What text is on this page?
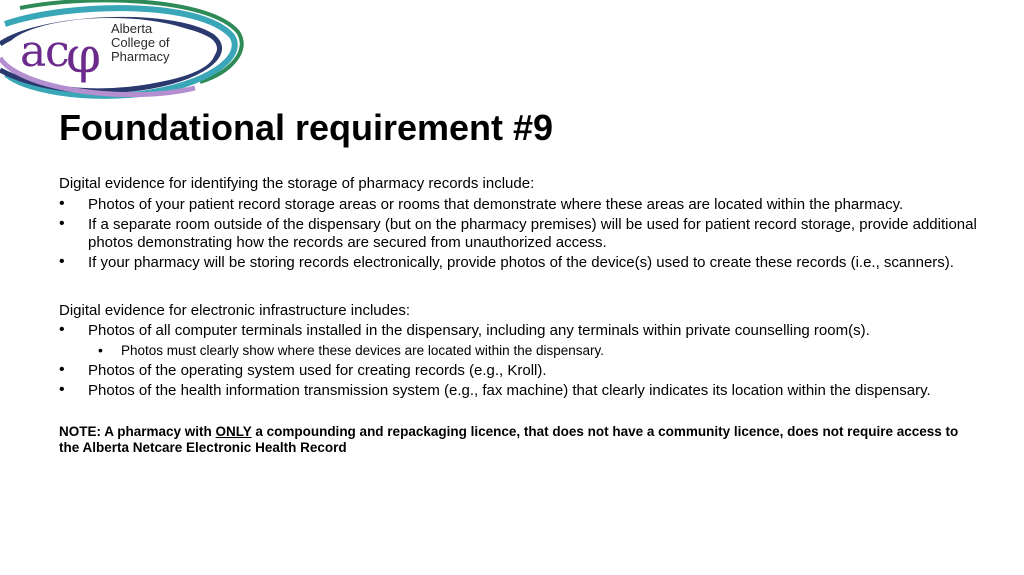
a
c
φ Alberta
College of
Pharmacy
Foundational requirement #9

Digital evidence for identifying the storage of pharmacy records include:

• Photos of your patient record storage areas or rooms that demonstrate where these areas are located within the pharmacy.
• If a separate room outside of the dispensary (but on the pharmacy premises) will be used for patient record storage, provide additional photos demonstrating how the records are secured from unauthorized access.
• If your pharmacy will be storing records electronically, provide photos of the device(s) used to create these records (i.e., scanners).

Digital evidence for electronic infrastructure includes:

• Photos of all computer terminals installed in the dispensary, including any terminals within private counselling room(s).
• Photos must clearly show where these devices are located within the dispensary.
• Photos of the operating system used for creating records (e.g., Kroll).
• Photos of the health information transmission system (e.g., fax machine) that clearly indicates its location within the dispensary.

NOTE: A pharmacy with ONLY a compounding and repackaging licence, that does not have a community licence, does not require access to the Alberta Netcare Electronic Health Record
